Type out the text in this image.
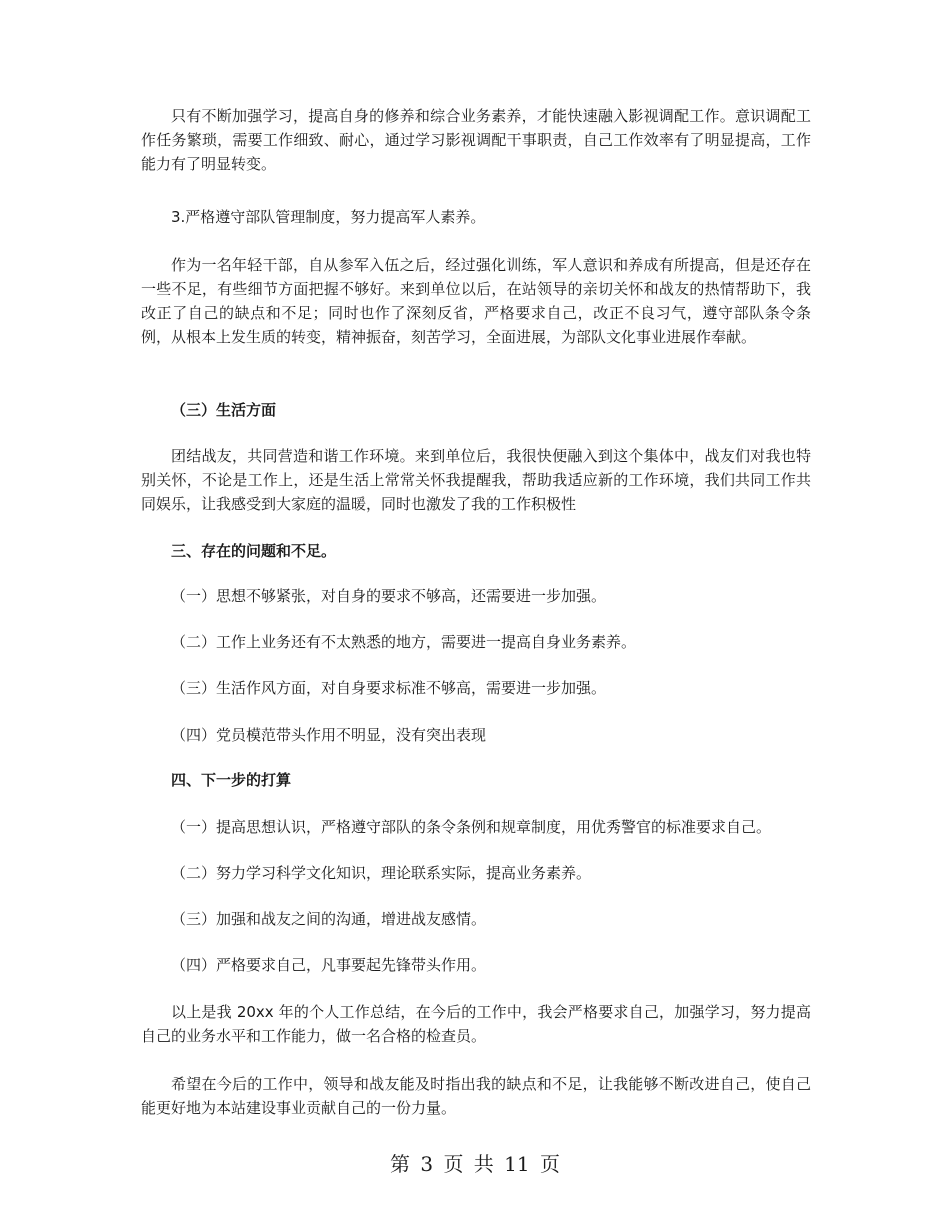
只有不断加强学习，提高自身的修养和综合业务素养，才能快速融入影视调配工作。意识调配工作任务繁琐，需要工作细致、耐心，通过学习影视调配干事职责，自己工作效率有了明显提高，工作能力有了明显转变。

3.严格遵守部队管理制度，努力提高军人素养。

作为一名年轻干部，自从参军入伍之后，经过强化训练，军人意识和养成有所提高，但是还存在一些不足，有些细节方面把握不够好。来到单位以后，在站领导的亲切关怀和战友的热情帮助下，我改正了自己的缺点和不足；同时也作了深刻反省，严格要求自己，改正不良习气，遵守部队条令条例，从根本上发生质的转变，精神振奋，刻苦学习，全面进展，为部队文化事业进展作奉献。

（三）生活方面

团结战友，共同营造和谐工作环境。来到单位后，我很快便融入到这个集体中，战友们对我也特别关怀，不论是工作上，还是生活上常常关怀我提醒我，帮助我适应新的工作环境，我们共同工作共同娱乐，让我感受到大家庭的温暖，同时也激发了我的工作积极性

三、存在的问题和不足。

（一）思想不够紧张，对自身的要求不够高，还需要进一步加强。

（二）工作上业务还有不太熟悉的地方，需要进一提高自身业务素养。

（三）生活作风方面，对自身要求标准不够高，需要进一步加强。

（四）党员模范带头作用不明显，没有突出表现

四、下一步的打算

（一）提高思想认识，严格遵守部队的条令条例和规章制度，用优秀警官的标准要求自己。

（二）努力学习科学文化知识，理论联系实际，提高业务素养。

（三）加强和战友之间的沟通，增进战友感情。

（四）严格要求自己，凡事要起先锋带头作用。

以上是我 20xx 年的个人工作总结，在今后的工作中，我会严格要求自己，加强学习，努力提高自己的业务水平和工作能力，做一名合格的检查员。

希望在今后的工作中，领导和战友能及时指出我的缺点和不足，让我能够不断改进自己，使自己能更好地为本站建设事业贡献自己的一份力量。

第 3 页 共 11 页
